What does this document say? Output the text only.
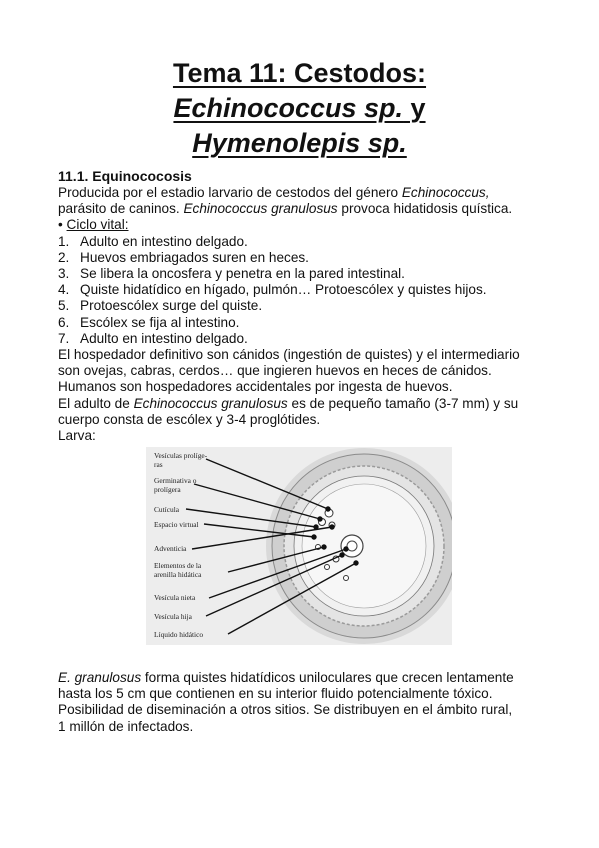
Tema 11: Cestodos:
Echinococcus sp. y
Hymenolepis sp.
11.1. Equinococosis
Producida por el estadio larvario de cestodos del género Echinococcus,
parásito de caninos. Echinococcus granulosus provoca hidatidosis quística.
• Ciclo vital:
1. Adulto en intestino delgado.
2. Huevos embriagados suren en heces.
3. Se libera la oncosfera y penetra en la pared intestinal.
4. Quiste hidatídico en hígado, pulmón… Protoescólex y quistes hijos.
5. Protoescólex surge del quiste.
6. Escólex se fija al intestino.
7. Adulto en intestino delgado.
El hospedador definitivo son cánidos (ingestión de quistes) y el intermediario
son ovejas, cabras, cerdos… que ingieren huevos en heces de cánidos.
Humanos son hospedadores accidentales por ingesta de huevos.
El adulto de Echinococcus granulosus es de pequeño tamaño (3-7 mm) y su
cuerpo consta de escólex y 3-4 proglótides.
Larva:
Vesículas prolíge-
ras
Germinativa o
prolígera
Cutícula
Espacio virtual
Adventicia
Elementos de la
arenilla hidática
Vesícula nieta
Vesícula hija
Líquido hidático
E. granulosus forma quistes hidatídicos uniloculares que crecen lentamente
hasta los 5 cm que contienen en su interior fluido potencialmente tóxico.
Posibilidad de diseminación a otros sitios. Se distribuyen en el ámbito rural,
1 millón de infectados.
